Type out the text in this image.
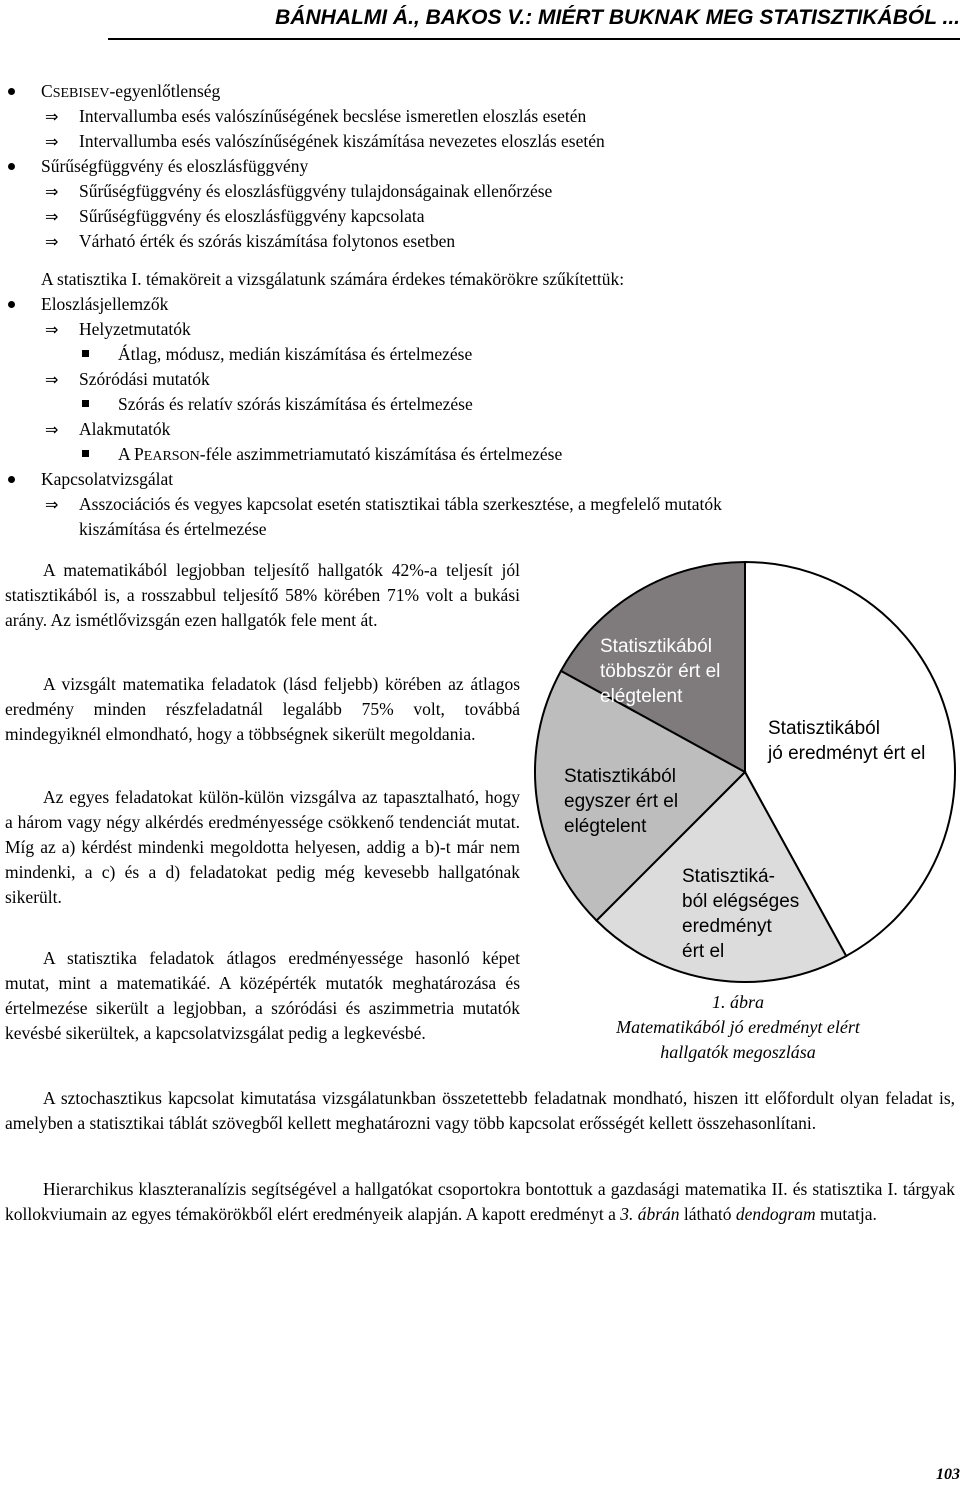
BÁNHALMI Á., BAKOS V.: MIÉRT BUKNAK MEG STATISZTIKÁBÓL ...
CSEBISEV-egyenlőtlenség
⇒ Intervallumba esés valószínűségének becslése ismeretlen eloszlás esetén
⇒ Intervallumba esés valószínűségének kiszámítása nevezetes eloszlás esetén
Sűrűségfüggvény és eloszlásfüggvény
⇒ Sűrűségfüggvény és eloszlásfüggvény tulajdonságainak ellenőrzése
⇒ Sűrűségfüggvény és eloszlásfüggvény kapcsolata
⇒ Várható érték és szórás kiszámítása folytonos esetben
A statisztika I. témaköreit a vizsgálatunk számára érdekes témakörökre szűkítettük:
Eloszlásjellemzők
⇒ Helyzetmutatók
Átlag, módusz, medián kiszámítása és értelmezése
⇒ Szóródási mutatók
Szórás és relatív szórás kiszámítása és értelmezése
⇒ Alakmutatók
A PEARSON-féle aszimmetriamutató kiszámítása és értelmezése
Kapcsolatvizsgálat
⇒ Asszociációs és vegyes kapcsolat esetén statisztikai tábla szerkesztése, a megfelelő mutatók
kiszámítása és értelmezése

A matematikából legjobban teljesítő hallgatók 42%-a teljesít jól statisztikából is, a rosszabbul teljesítő 58% körében 71% volt a bukási arány. Az ismétlővizsgán ezen hallgatók fele ment át.

A vizsgált matematika feladatok (lásd feljebb) körében az átlagos eredmény minden részfeladatnál legalább 75% volt, továbbá mindegyiknél elmondható, hogy a többségnek sikerült megoldania.

Az egyes feladatokat külön-külön vizsgálva az tapasztalható, hogy a három vagy négy alkérdés eredményessége csökkenő tendenciát mutat. Míg az a) kérdést mindenki megoldotta helyesen, addig a b)-t már nem mindenki, a c) és a d) feladatokat pedig még kevesebb hallgatónak sikerült.

A statisztika feladatok átlagos eredményessége hasonló képet mutat, mint a matematikáé. A középérték mutatók meghatározása és értelmezése sikerült a legjobban, a szóródási és aszimmetria mutatók kevésbé sikerültek, a kapcsolatvizsgálat pedig a legkevésbé.

Statisztikából jó eredményt ért el
Statisztiká-ból elégséges eredményt ért el
Statisztikából egyszer ért el elégtelent
Statisztikából többször ért el elégtelent
1. ábra
Matematikából jó eredményt elért
hallgatók megoszlása

A sztochasztikus kapcsolat kimutatása vizsgálatunkban összetettebb feladatnak mondható, hiszen itt előfordult olyan feladat is, amelyben a statisztikai táblát szövegből kellett meghatározni vagy több kapcsolat erősségét kellett összehasonlítani.

Hierarchikus klaszteranalízis segítségével a hallgatókat csoportokra bontottuk a gazdasági matematika II. és statisztika I. tárgyak kollokviumain az egyes témakörökből elért eredményeik alapján. A kapott eredményt a 3. ábrán látható dendogram mutatja.

103
